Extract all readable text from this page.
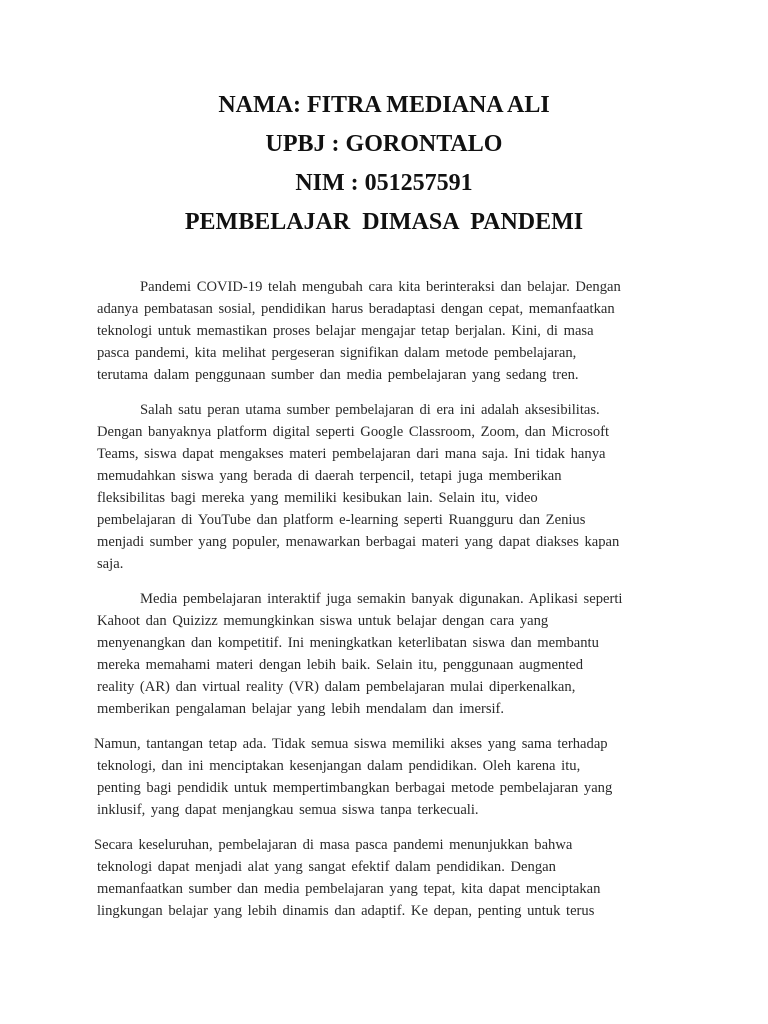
NAMA: FITRA MEDIANA ALI

UPBJ : GORONTALO

NIM : 051257591

PEMBELAJAR  DIMASA  PANDEMI

Pandemi COVID-19 telah mengubah cara kita berinteraksi dan belajar. Dengan
adanya pembatasan sosial, pendidikan harus beradaptasi dengan cepat, memanfaatkan
teknologi untuk memastikan proses belajar mengajar tetap berjalan. Kini, di masa
pasca pandemi, kita melihat pergeseran signifikan dalam metode pembelajaran,
terutama dalam penggunaan sumber dan media pembelajaran yang sedang tren.

Salah satu peran utama sumber pembelajaran di era ini adalah aksesibilitas.
Dengan banyaknya platform digital seperti Google Classroom, Zoom, dan Microsoft
Teams, siswa dapat mengakses materi pembelajaran dari mana saja. Ini tidak hanya
memudahkan siswa yang berada di daerah terpencil, tetapi juga memberikan
fleksibilitas bagi mereka yang memiliki kesibukan lain. Selain itu, video
pembelajaran di YouTube dan platform e-learning seperti Ruangguru dan Zenius
menjadi sumber yang populer, menawarkan berbagai materi yang dapat diakses kapan
saja.

Media pembelajaran interaktif juga semakin banyak digunakan. Aplikasi seperti
Kahoot dan Quizizz memungkinkan siswa untuk belajar dengan cara yang
menyenangkan dan kompetitif. Ini meningkatkan keterlibatan siswa dan membantu
mereka memahami materi dengan lebih baik. Selain itu, penggunaan augmented
reality (AR) dan virtual reality (VR) dalam pembelajaran mulai diperkenalkan,
memberikan pengalaman belajar yang lebih mendalam dan imersif.

Namun, tantangan tetap ada. Tidak semua siswa memiliki akses yang sama terhadap
teknologi, dan ini menciptakan kesenjangan dalam pendidikan. Oleh karena itu,
penting bagi pendidik untuk mempertimbangkan berbagai metode pembelajaran yang
inklusif, yang dapat menjangkau semua siswa tanpa terkecuali.

Secara keseluruhan, pembelajaran di masa pasca pandemi menunjukkan bahwa
teknologi dapat menjadi alat yang sangat efektif dalam pendidikan. Dengan
memanfaatkan sumber dan media pembelajaran yang tepat, kita dapat menciptakan
lingkungan belajar yang lebih dinamis dan adaptif. Ke depan, penting untuk terus
